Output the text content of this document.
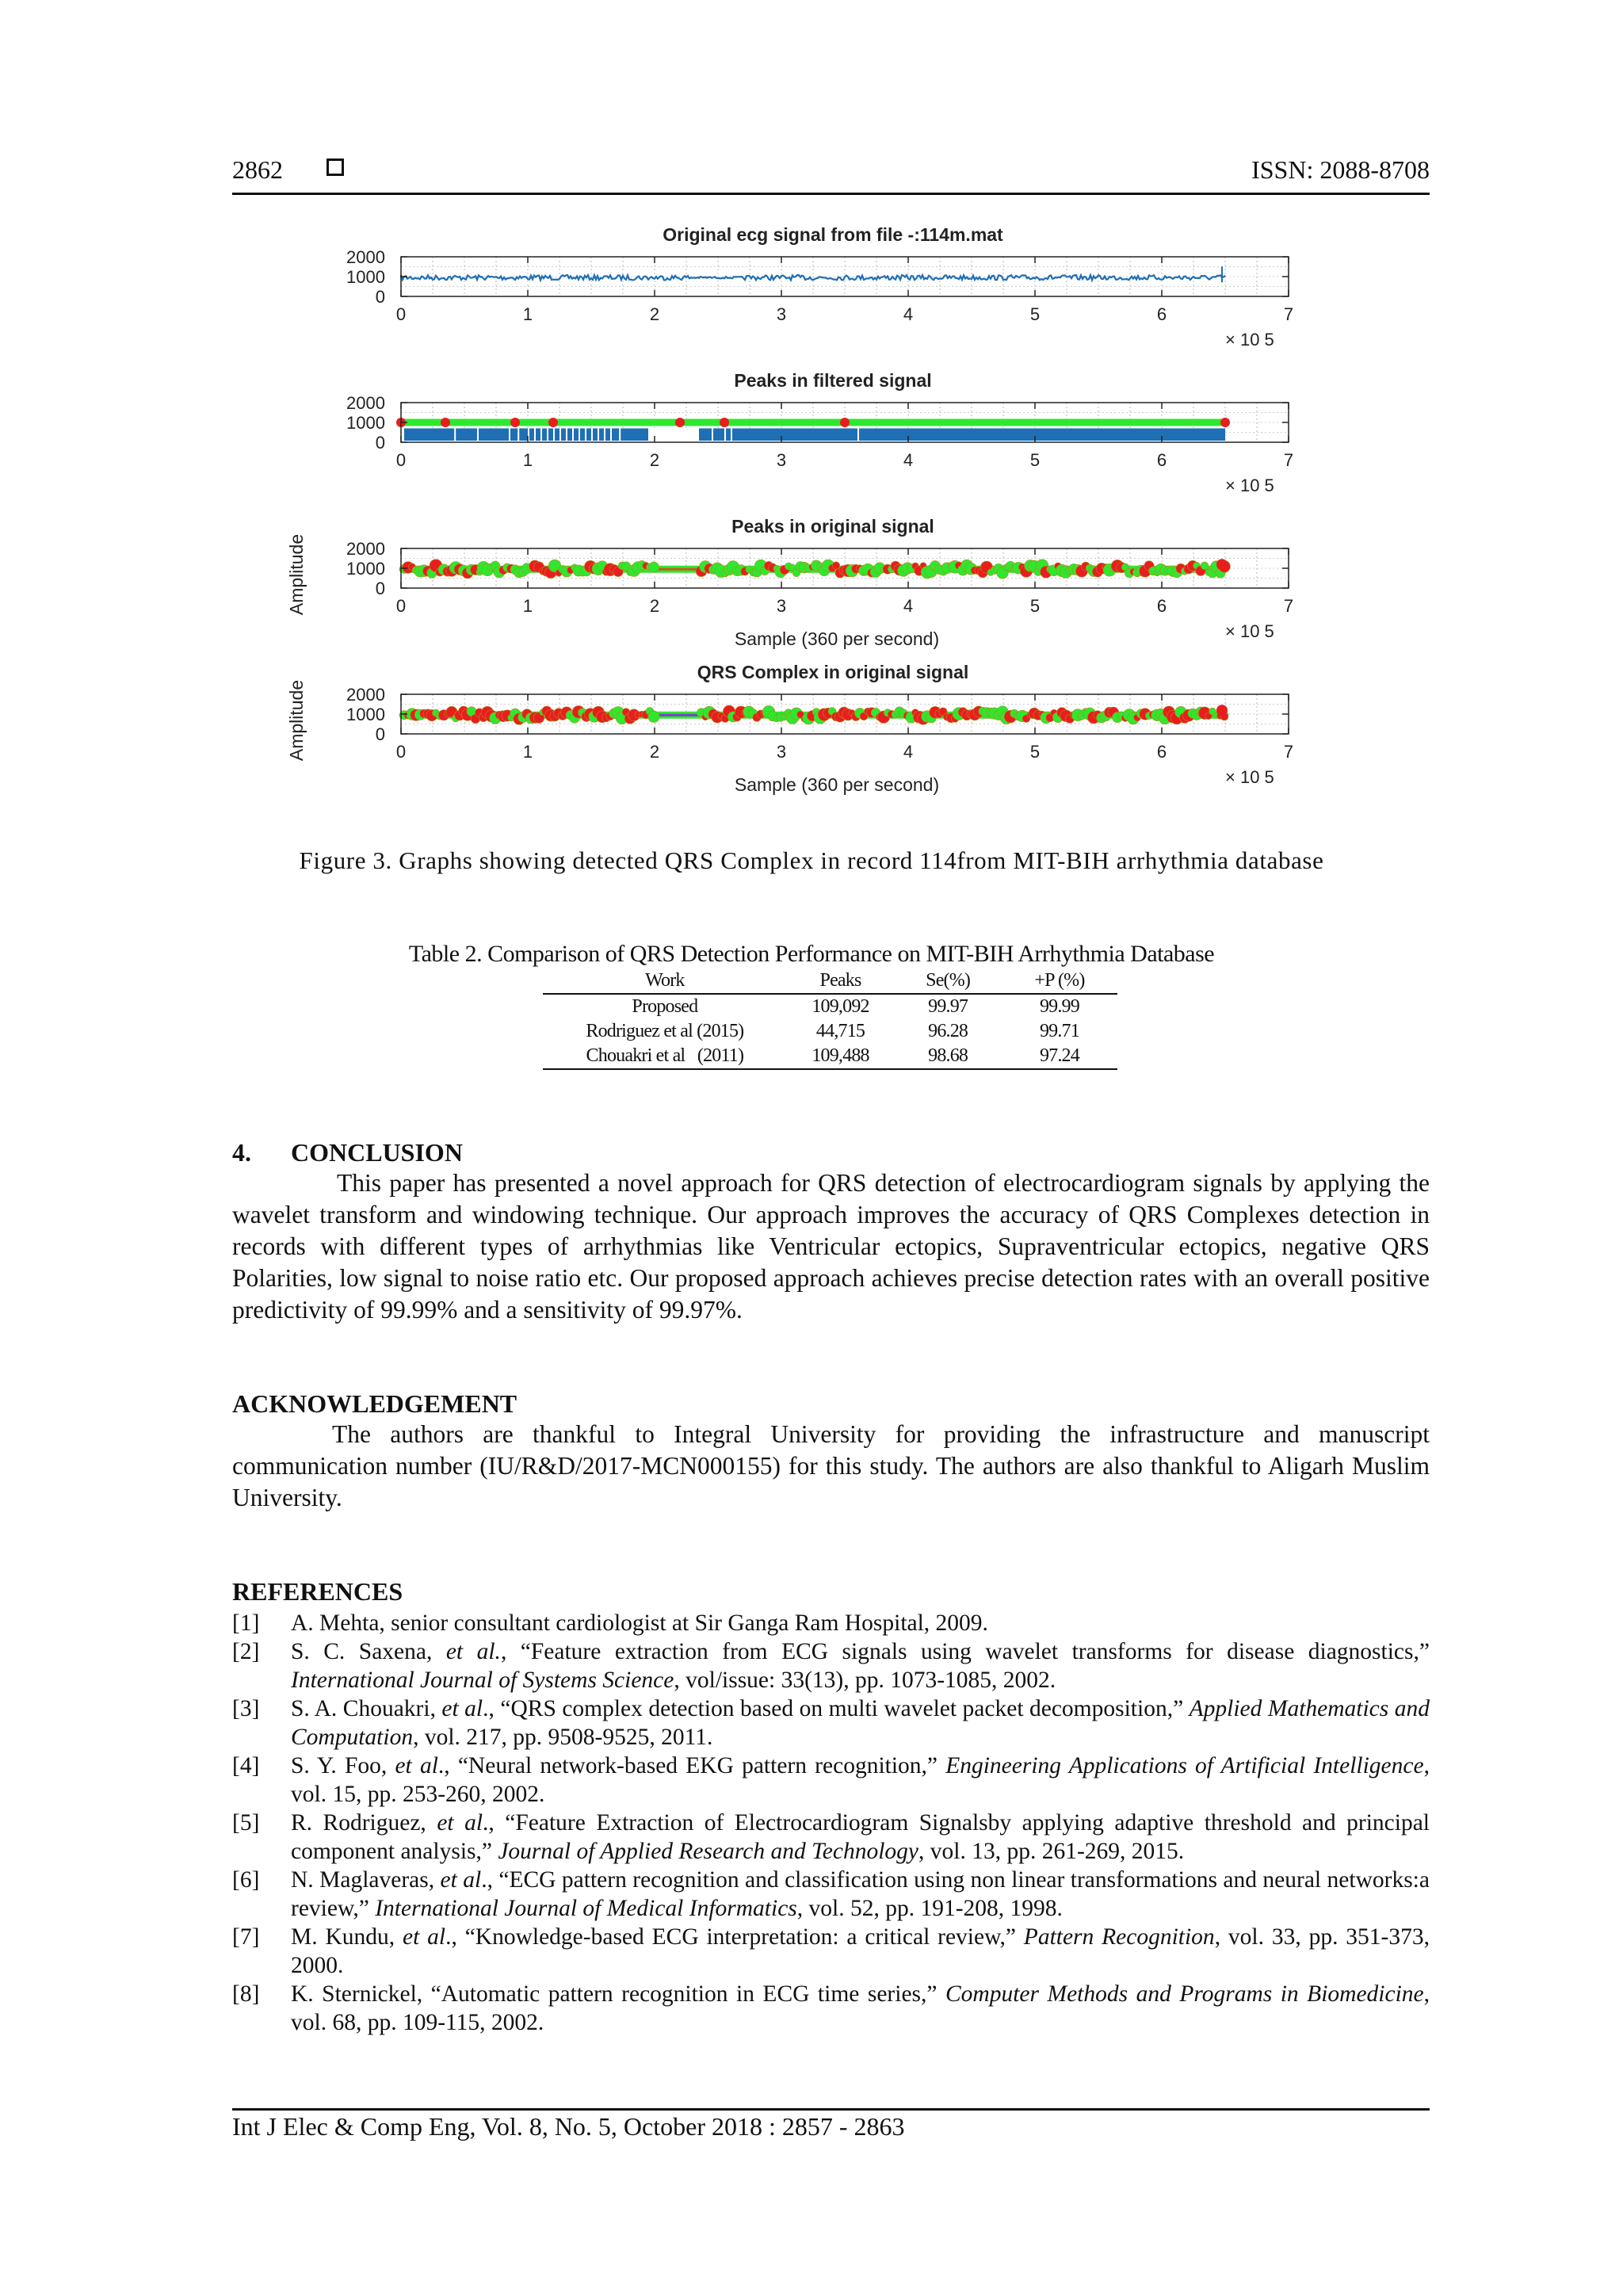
2862	ISSN: 2088-8708
Original ecg signal from file -:114m.mat
0	1	2	3	4	5	6	7
0
1000
2000
× 10 5
Peaks in filtered signal
0	1	2	3	4	5	6	7
0
1000
2000
× 10 5
Peaks in original signal
0	1	2	3	4	5	6	7
0
1000
2000
× 10 5
Sample (360 per second)
Amplitude
QRS Complex in original signal
0	1	2	3	4	5	6	7
0
1000
2000
× 10 5
Sample (360 per second)
Amplitude
Figure 3. Graphs showing detected QRS Complex in record 114from MIT-BIH arrhythmia database
Table 2. Comparison of QRS Detection Performance on MIT-BIH Arrhythmia Database
Work	Peaks	Se(%)	+P (%)
Proposed	109,092	99.97	99.99
Rodriguez et al (2015)	44,715	96.28	99.71
Chouakri et al   (2011)	109,488	98.68	97.24
4. CONCLUSION
This paper has presented a novel approach for QRS detection of electrocardiogram signals by applying the wavelet transform and windowing technique. Our approach improves the accuracy of QRS Complexes detection in records with different types of arrhythmias like Ventricular ectopics, Supraventricular ectopics, negative QRS Polarities, low signal to noise ratio etc. Our proposed approach achieves precise detection rates with an overall positive predictivity of 99.99% and a sensitivity of 99.97%.
ACKNOWLEDGEMENT
The authors are thankful to Integral University for providing the infrastructure and manuscript communication number (IU/R&D/2017-MCN000155) for this study. The authors are also thankful to Aligarh Muslim University.
REFERENCES
[1]	A. Mehta, senior consultant cardiologist at Sir Ganga Ram Hospital, 2009.
[2]	S. C. Saxena, et al., “Feature extraction from ECG signals using wavelet transforms for disease diagnostics,” International Journal of Systems Science, vol/issue: 33(13), pp. 1073-1085, 2002.
[3]	S. A. Chouakri, et al., “QRS complex detection based on multi wavelet packet decomposition,” Applied Mathematics and Computation, vol. 217, pp. 9508-9525, 2011.
[4]	S. Y. Foo, et al., “Neural network-based EKG pattern recognition,” Engineering Applications of Artificial Intelligence, vol. 15, pp. 253-260, 2002.
[5]	R. Rodriguez, et al., “Feature Extraction of Electrocardiogram Signalsby applying adaptive threshold and principal component analysis,” Journal of Applied Research and Technology, vol. 13, pp. 261-269, 2015.
[6]	N. Maglaveras, et al., “ECG pattern recognition and classification using non linear transformations and neural networks:a review,” International Journal of Medical Informatics, vol. 52, pp. 191-208, 1998.
[7]	M. Kundu, et al., “Knowledge-based ECG interpretation: a critical review,” Pattern Recognition, vol. 33, pp. 351-373, 2000.
[8]	K. Sternickel, “Automatic pattern recognition in ECG time series,” Computer Methods and Programs in Biomedicine, vol. 68, pp. 109-115, 2002.
Int J Elec & Comp Eng, Vol. 8, No. 5, October 2018 : 2857 - 2863
